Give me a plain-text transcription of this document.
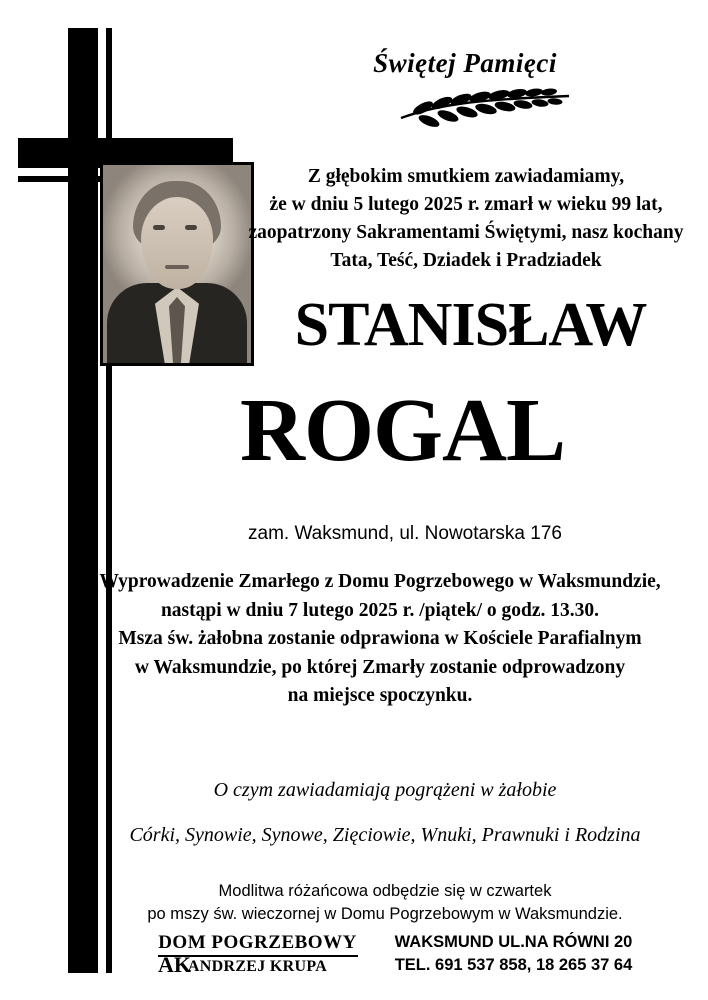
Świętej Pamięci
Z głębokim smutkiem zawiadamiamy,
że w dniu 5 lutego 2025 r. zmarł w wieku 99 lat,
zaopatrzony Sakramentami Świętymi, nasz kochany
Tata, Teść, Dziadek i Pradziadek
STANISŁAW
ROGAL
zam. Waksmund, ul. Nowotarska 176
Wyprowadzenie Zmarłego z Domu Pogrzebowego w Waksmundzie,
nastąpi w dniu 7 lutego 2025 r. /piątek/ o godz. 13.30.
Msza św. żałobna zostanie odprawiona w Kościele Parafialnym
w Waksmundzie, po której Zmarły zostanie odprowadzony
na miejsce spoczynku.
O czym zawiadamiają pogrążeni w żałobie
Córki, Synowie, Synowe, Zięciowie, Wnuki, Prawnuki i Rodzina
Modlitwa różańcowa odbędzie się w czwartek
po mszy św. wieczornej w Domu Pogrzebowym w Waksmundzie.
DOM POGRZEBOWY
ANDRZEJ KRUPA
AK
WAKSMUND UL.NA RÓWNI 20
TEL. 691 537 858, 18 265 37 64
